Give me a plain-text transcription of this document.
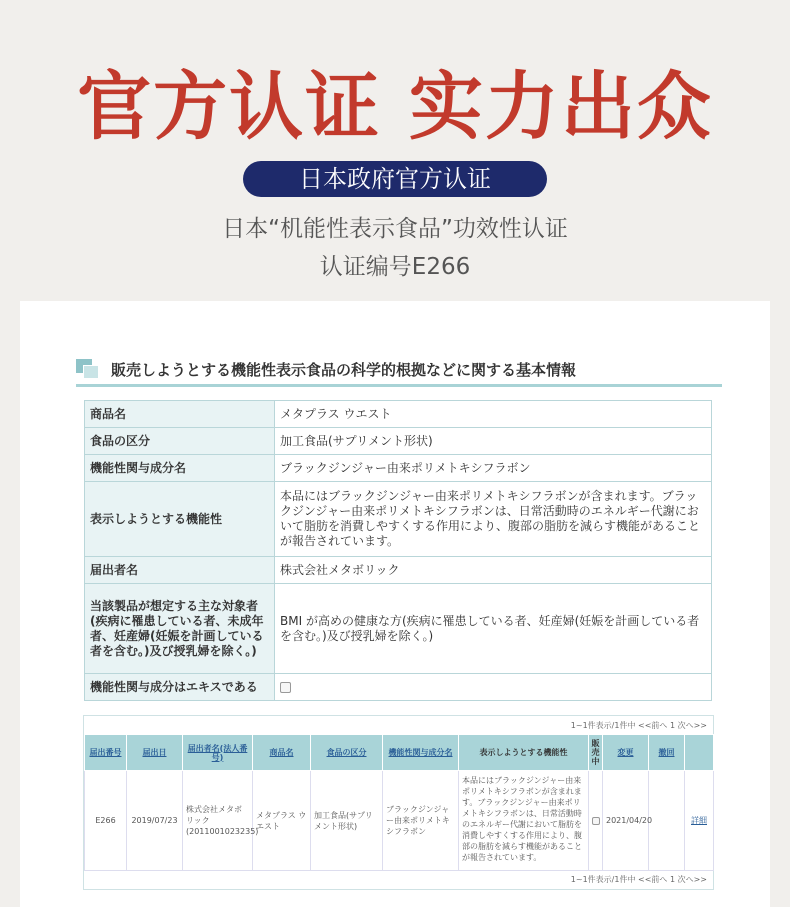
官方认证 实力出众
日本政府官方认证
日本“机能性表示食品”功效性认证
认证编号E266
販売しようとする機能性表示食品の科学的根拠などに関する基本情報
商品名	メタプラス ウエスト
食品の区分	加工食品(サプリメント形状)
機能性関与成分名	ブラックジンジャー由来ポリメトキシフラボン
表示しようとする機能性	本品にはブラックジンジャー由来ポリメトキシフラボンが含まれます。ブラックジンジャー由来ポリメトキシフラボンは、日常活動時のエネルギー代謝において脂肪を消費しやすくする作用により、腹部の脂肪を減らす機能があることが報告されています。
届出者名	株式会社メタボリック
当該製品が想定する主な対象者(疾病に罹患している者、未成年者、妊産婦(妊娠を計画している者を含む。)及び授乳婦を除く。)	BMI が高めの健康な方(疾病に罹患している者、妊産婦(妊娠を計画している者を含む。)及び授乳婦を除く。)
機能性関与成分はエキスである	
1~1件表示/1件中 <<前へ 1 次へ>>
届出番号	届出日	届出者名(法人番号)	商品名	食品の区分	機能性関与成分名	表示しようとする機能性	販売中	変更	撤回	
E266	2019/07/23	株式会社メタボリック (2011001023235)	メタプラス ウエスト	加工食品(サプリメント形状)	ブラックジンジャー由来ポリメトキシフラボン	本品にはブラックジンジャー由来ポリメトキシフラボンが含まれます。ブラックジンジャー由来ポリメトキシフラボンは、日常活動時のエネルギー代謝において脂肪を消費しやすくする作用により、腹部の脂肪を減らす機能があることが報告されています。		2021/04/20		詳細
1~1件表示/1件中 <<前へ 1 次へ>>
